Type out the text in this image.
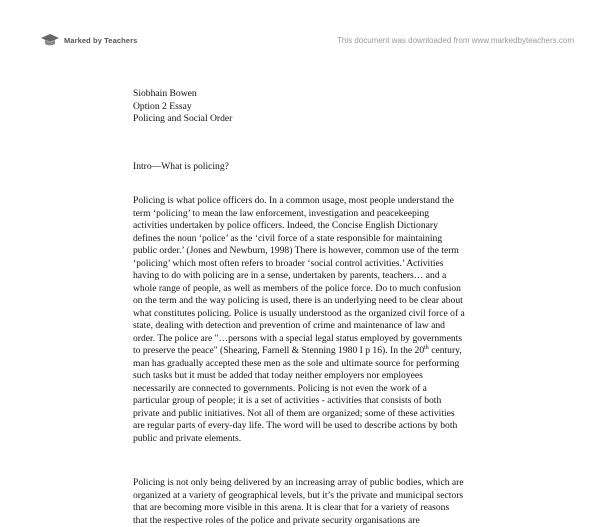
Marked by Teachers	This document was downloaded from www.markedbyteachers.com
Siobhain Bowen
Option 2 Essay
Policing and Social Order
Intro—What is policing?
Policing is what police officers do. In a common usage, most people understand the
term ‘policing’ to mean the law enforcement, investigation and peacekeeping
activities undertaken by police officers. Indeed, the Concise English Dictionary
defines the noun ‘police’ as the ‘civil force of a state responsible for maintaining
public order.’ (Jones and Newburn, 1998) There is however, common use of the term
‘policing’ which most often refers to broader ‘social control activities.’ Activities
having to do with policing are in a sense, undertaken by parents, teachers… and a
whole range of people, as well as members of the police force. Do to much confusion
on the term and the way policing is used, there is an underlying need to be clear about
what constitutes policing. Police is usually understood as the organized civil force of a
state, dealing with detection and prevention of crime and maintenance of law and
order. The police are "…persons with a special legal status employed by governments
to preserve the peace" (Shearing, Farnell & Stenning 1980 I p 16). In the 20th century,
man has gradually accepted these men as the sole and ultimate source for performing
such tasks but it must be added that today neither employers nor employees
necessarily are connected to governments. Policing is not even the work of a
particular group of people; it is a set of activities - activities that consists of both
private and public initiatives. Not all of them are organized; some of these activities
are regular parts of every-day life. The word will be used to describe actions by both
public and private elements.
Policing is not only being delivered by an increasing array of public bodies, which are
organized at a variety of geographical levels, but it’s the private and municipal sectors
that are becoming more visible in this arena. It is clear that for a variety of reasons
that the respective roles of the police and private security organisations are
